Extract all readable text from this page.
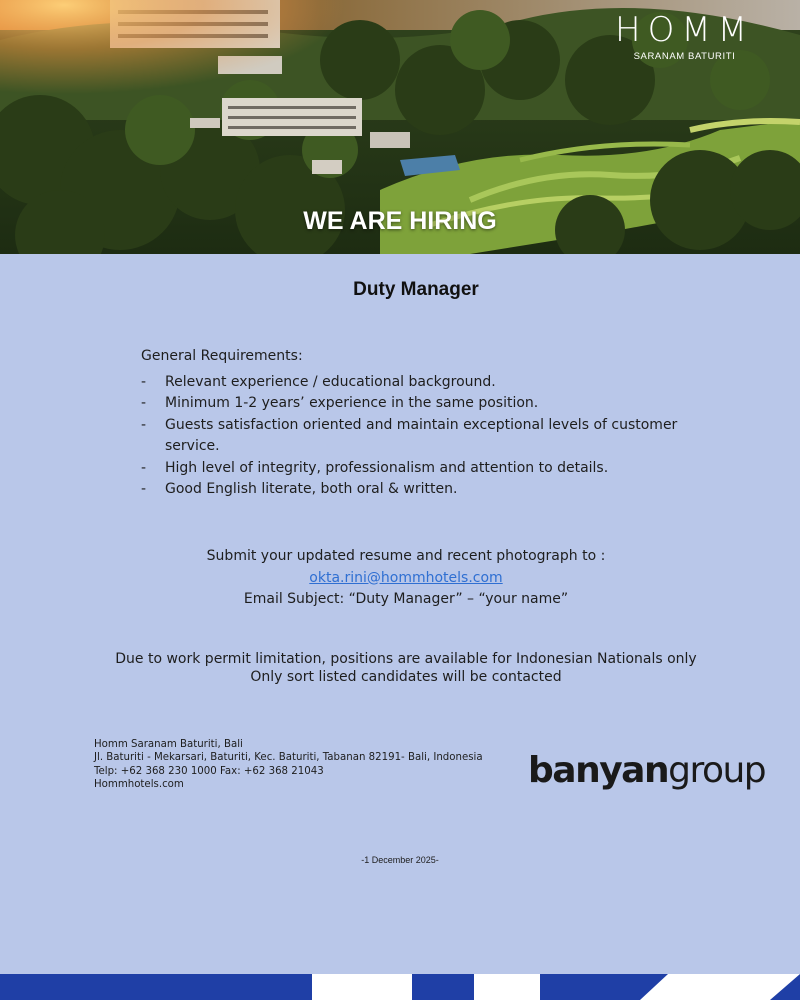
HOMM
SARANAM BATURITI
WE ARE HIRING
Duty Manager
General Requirements:
- Relevant experience / educational background.
- Minimum 1-2 years’ experience in the same position.
- Guests satisfaction oriented and maintain exceptional levels of customer service.
- High level of integrity, professionalism and attention to details.
- Good English literate, both oral & written.
Submit your updated resume and recent photograph to :
okta.rini@hommhotels.com
Email Subject: “Duty Manager” – “your name”
Due to work permit limitation, positions are available for Indonesian Nationals only
Only sort listed candidates will be contacted
Homm Saranam Baturiti, Bali
Jl. Baturiti - Mekarsari, Baturiti, Kec. Baturiti, Tabanan 82191- Bali, Indonesia
Telp: +62 368 230 1000 Fax: +62 368 21043
Hommhotels.com	banyangroup
-1 December 2025-
